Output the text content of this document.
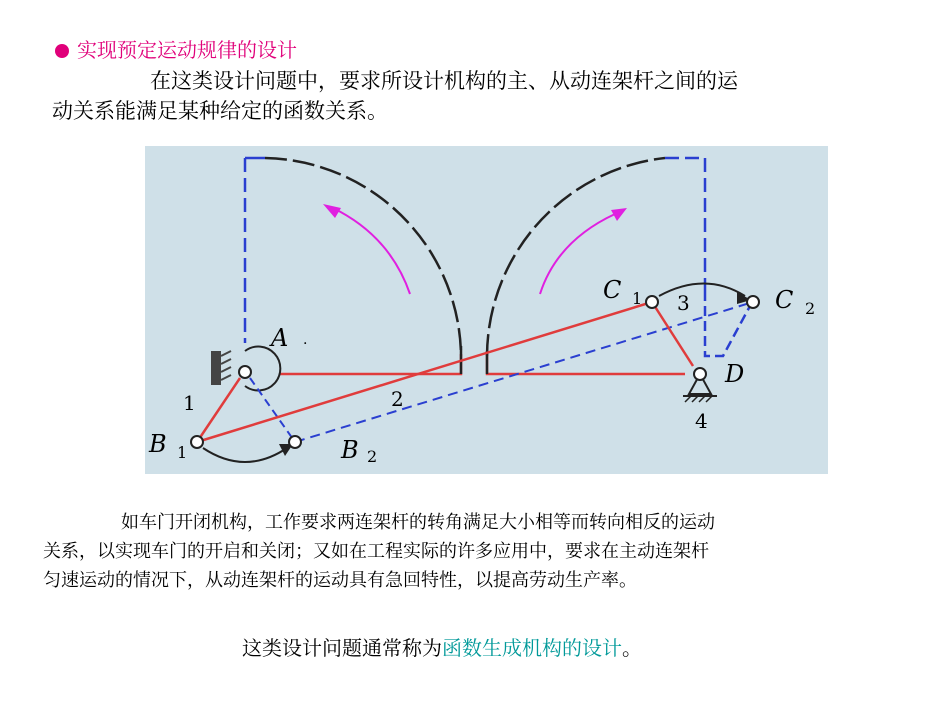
实现预定运动规律的设计
在这类设计问题中，要求所设计机构的主、从动连架杆之间的运
动关系能满足某种给定的函数关系。
A .
B 1	B 2
C 1	C 2
D
1	2
3
4
如车门开闭机构，工作要求两连架杆的转角满足大小相等而转向相反的运动
关系，以实现车门的开启和关闭；又如在工程实际的许多应用中，要求在主动连架杆
匀速运动的情况下，从动连架杆的运动具有急回特性，以提高劳动生产率。
这类设计问题通常称为函数生成机构的设计。
